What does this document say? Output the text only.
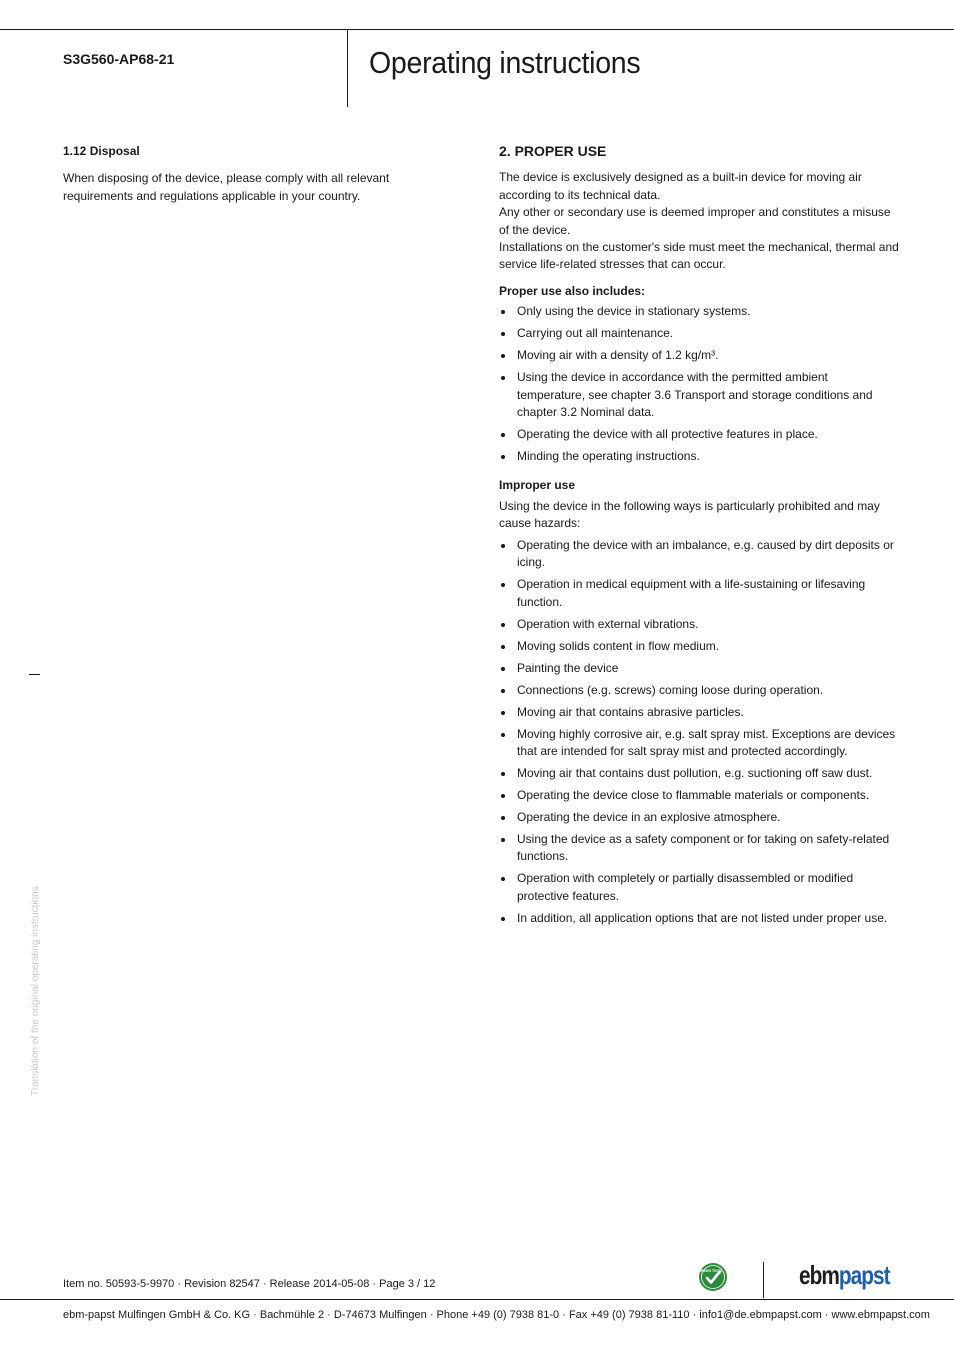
S3G560-AP68-21	Operating instructions
1.12 Disposal

When disposing of the device, please comply with all relevant requirements and regulations applicable in your country.

2. PROPER USE

The device is exclusively designed as a built-in device for moving air according to its technical data.

Any other or secondary use is deemed improper and constitutes a misuse of the device.

Installations on the customer's side must meet the mechanical, thermal and service life-related stresses that can occur.

Proper use also includes:
Only using the device in stationary systems.
Carrying out all maintenance.
Moving air with a density of 1.2 kg/m³.
Using the device in accordance with the permitted ambient temperature, see chapter 3.6 Transport and storage conditions and chapter 3.2 Nominal data.
Operating the device with all protective features in place.
Minding the operating instructions.
Improper use

Using the device in the following ways is particularly prohibited and may cause hazards:

Operating the device with an imbalance, e.g. caused by dirt deposits or icing.
Operation in medical equipment with a life-sustaining or lifesaving function.
Operation with external vibrations.
Moving solids content in flow medium.
Painting the device
Connections (e.g. screws) coming loose during operation.
Moving air that contains abrasive particles.
Moving highly corrosive air, e.g. salt spray mist. Exceptions are devices that are intended for salt spray mist and protected accordingly.
Moving air that contains dust pollution, e.g. suctioning off saw dust.
Operating the device close to flammable materials or components.
Operating the device in an explosive atmosphere.
Using the device as a safety component or for taking on safety-related functions.
Operation with completely or partially disassembled or modified protective features.
In addition, all application options that are not listed under proper use.
Translation of the original operating instructions
Item no. 50593-5-9970 · Revision 82547 · Release 2014-05-08 · Page 3 / 12
GREEN TECH	ebmpapst
ebm-papst Mulfingen GmbH & Co. KG · Bachmühle 2 · D-74673 Mulfingen · Phone +49 (0) 7938 81-0 · Fax +49 (0) 7938 81-110 · info1@de.ebmpapst.com · www.ebmpapst.com
